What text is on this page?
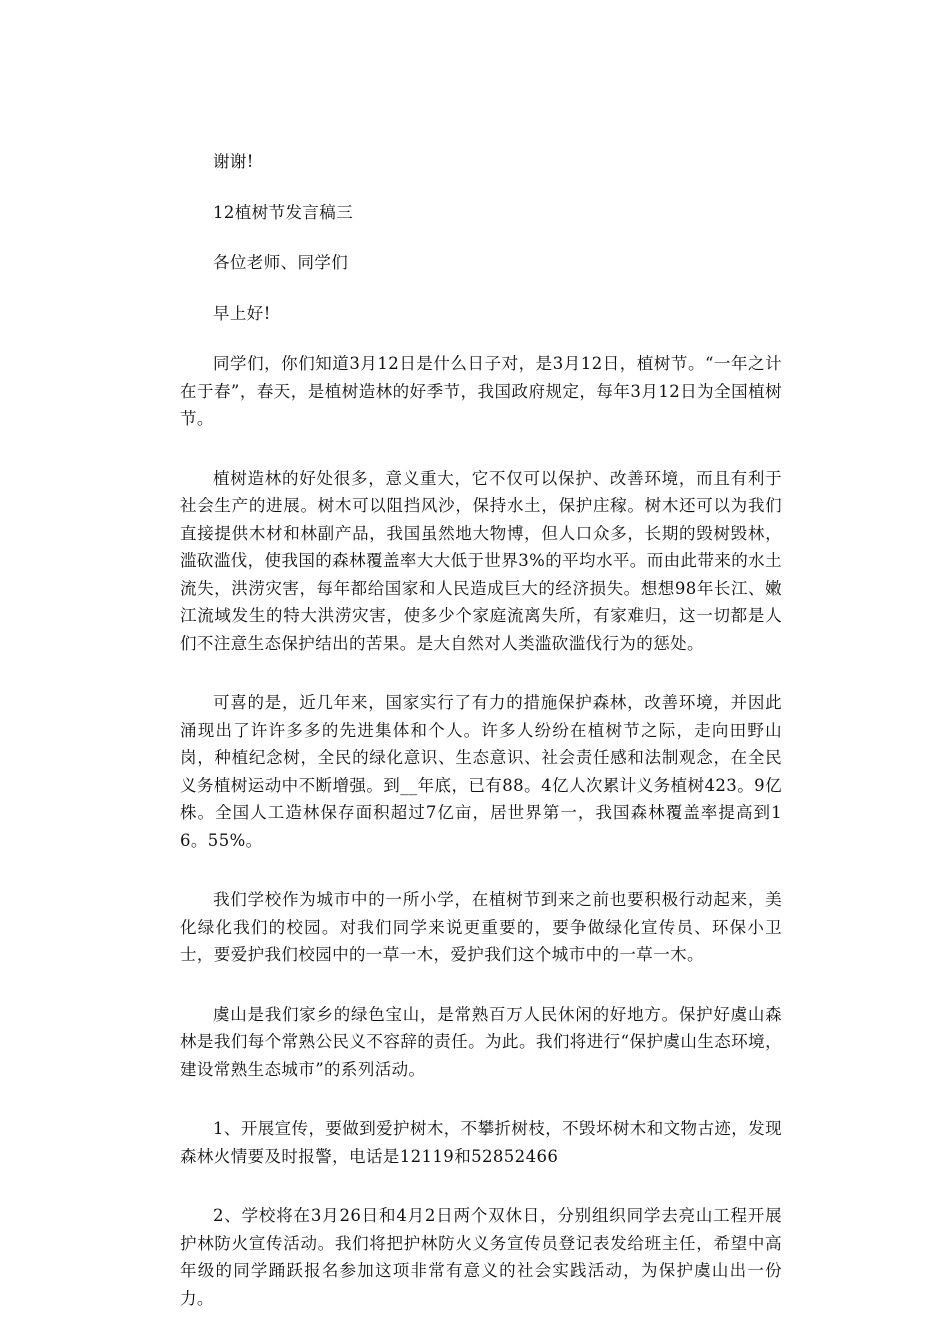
谢谢!

12植树节发言稿三

各位老师、同学们

早上好!

同学们，你们知道3月12日是什么日子对，是3月12日，植树节。“一年之计在于春”，春天，是植树造林的好季节，我国政府规定，每年3月12日为全国植树节。

植树造林的好处很多，意义重大，它不仅可以保护、改善环境，而且有利于社会生产的进展。树木可以阻挡风沙，保持水土，保护庄稼。树木还可以为我们直接提供木材和林副产品，我国虽然地大物博，但人口众多，长期的毁树毁林，滥砍滥伐，使我国的森林覆盖率大大低于世界3%的平均水平。而由此带来的水土流失，洪涝灾害，每年都给国家和人民造成巨大的经济损失。想想98年长江、嫩江流域发生的特大洪涝灾害，使多少个家庭流离失所，有家难归，这一切都是人们不注意生态保护结出的苦果。是大自然对人类滥砍滥伐行为的惩处。

可喜的是，近几年来，国家实行了有力的措施保护森林，改善环境，并因此涌现出了许许多多的先进集体和个人。许多人纷纷在植树节之际，走向田野山岗，种植纪念树，全民的绿化意识、生态意识、社会责任感和法制观念，在全民义务植树运动中不断增强。到__年底，已有88。4亿人次累计义务植树423。9亿株。全国人工造林保存面积超过7亿亩，居世界第一，我国森林覆盖率提高到16。55%。

我们学校作为城市中的一所小学，在植树节到来之前也要积极行动起来，美化绿化我们的校园。对我们同学来说更重要的，要争做绿化宣传员、环保小卫士，要爱护我们校园中的一草一木，爱护我们这个城市中的一草一木。

虞山是我们家乡的绿色宝山，是常熟百万人民休闲的好地方。保护好虞山森林是我们每个常熟公民义不容辞的责任。为此。我们将进行“保护虞山生态环境，建设常熟生态城市”的系列活动。

1、开展宣传，要做到爱护树木，不攀折树枝，不毁坏树木和文物古迹，发现森林火情要及时报警，电话是12119和52852466

2、学校将在3月26日和4月2日两个双休日，分别组织同学去亮山工程开展护林防火宣传活动。我们将把护林防火义务宣传员登记表发给班主任，希望中高年级的同学踊跃报名参加这项非常有意义的社会实践活动，为保护虞山出一份力。
